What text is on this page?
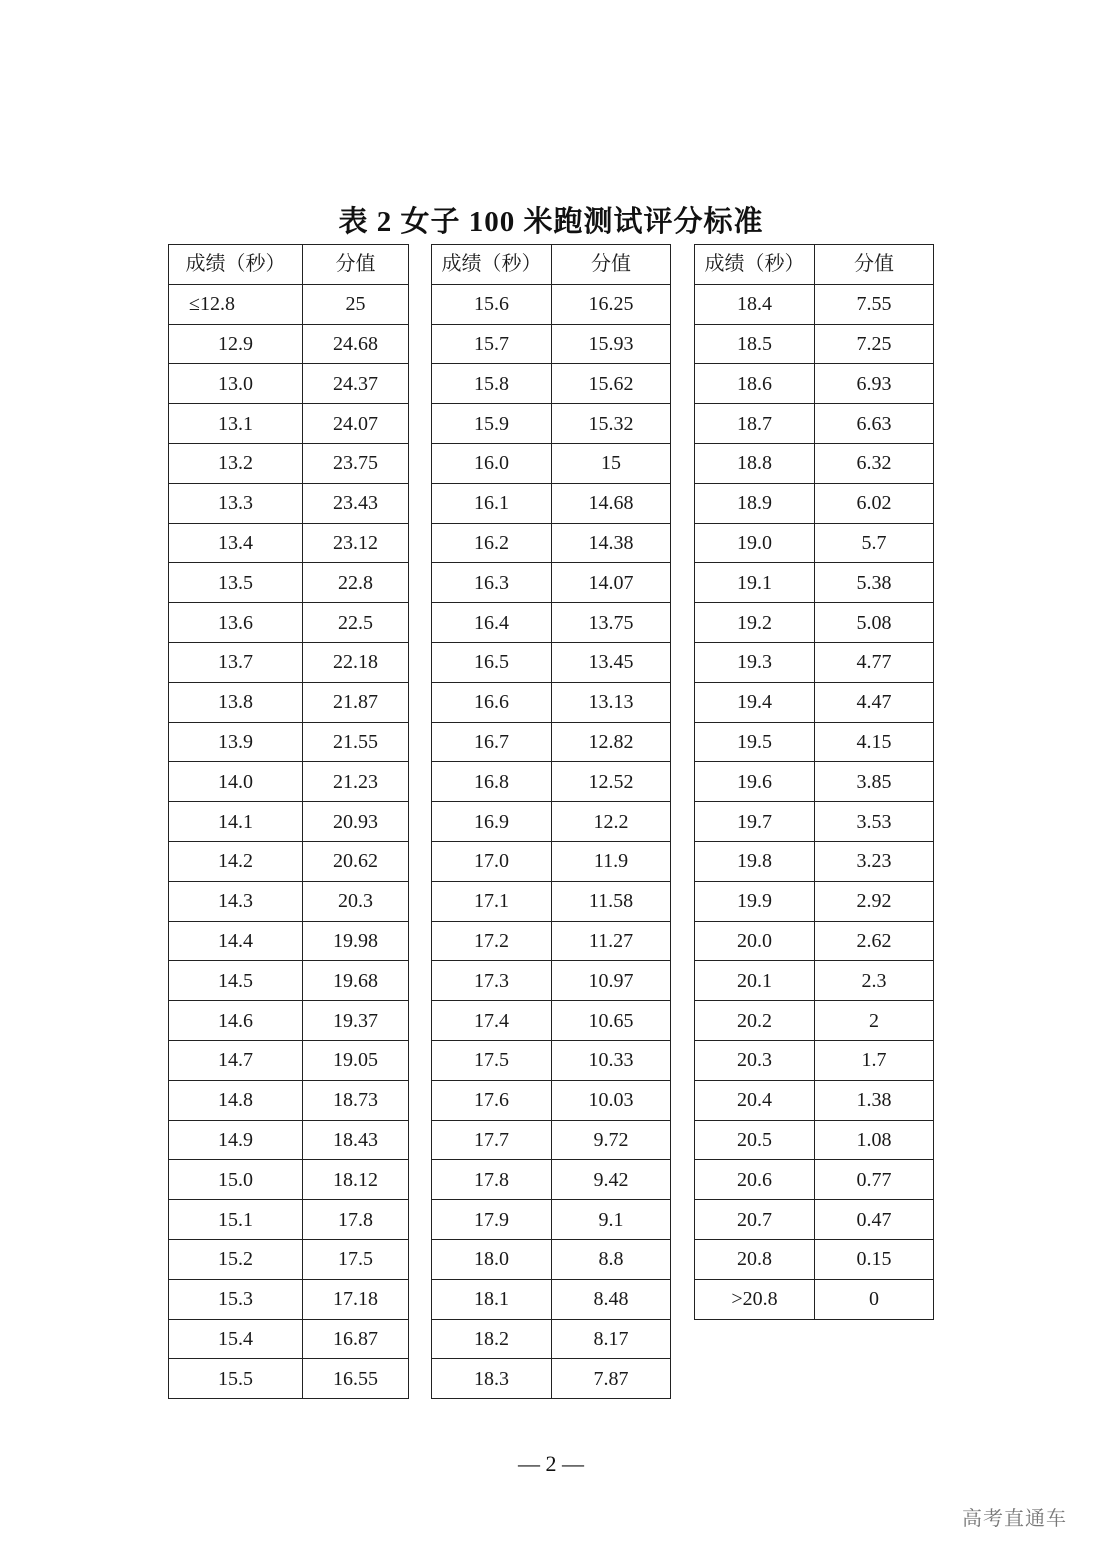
表 2 女子 100 米跑测试评分标准
成绩（秒）	分值
≤12.8	25
12.9	24.68
13.0	24.37
13.1	24.07
13.2	23.75
13.3	23.43
13.4	23.12
13.5	22.8
13.6	22.5
13.7	22.18
13.8	21.87
13.9	21.55
14.0	21.23
14.1	20.93
14.2	20.62
14.3	20.3
14.4	19.98
14.5	19.68
14.6	19.37
14.7	19.05
14.8	18.73
14.9	18.43
15.0	18.12
15.1	17.8
15.2	17.5
15.3	17.18
15.4	16.87
15.5	16.55
成绩（秒）	分值
15.6	16.25
15.7	15.93
15.8	15.62
15.9	15.32
16.0	15
16.1	14.68
16.2	14.38
16.3	14.07
16.4	13.75
16.5	13.45
16.6	13.13
16.7	12.82
16.8	12.52
16.9	12.2
17.0	11.9
17.1	11.58
17.2	11.27
17.3	10.97
17.4	10.65
17.5	10.33
17.6	10.03
17.7	9.72
17.8	9.42
17.9	9.1
18.0	8.8
18.1	8.48
18.2	8.17
18.3	7.87
成绩（秒）	分值
18.4	7.55
18.5	7.25
18.6	6.93
18.7	6.63
18.8	6.32
18.9	6.02
19.0	5.7
19.1	5.38
19.2	5.08
19.3	4.77
19.4	4.47
19.5	4.15
19.6	3.85
19.7	3.53
19.8	3.23
19.9	2.92
20.0	2.62
20.1	2.3
20.2	2
20.3	1.7
20.4	1.38
20.5	1.08
20.6	0.77
20.7	0.47
20.8	0.15
>20.8	0
— 2 —
高考直通车
